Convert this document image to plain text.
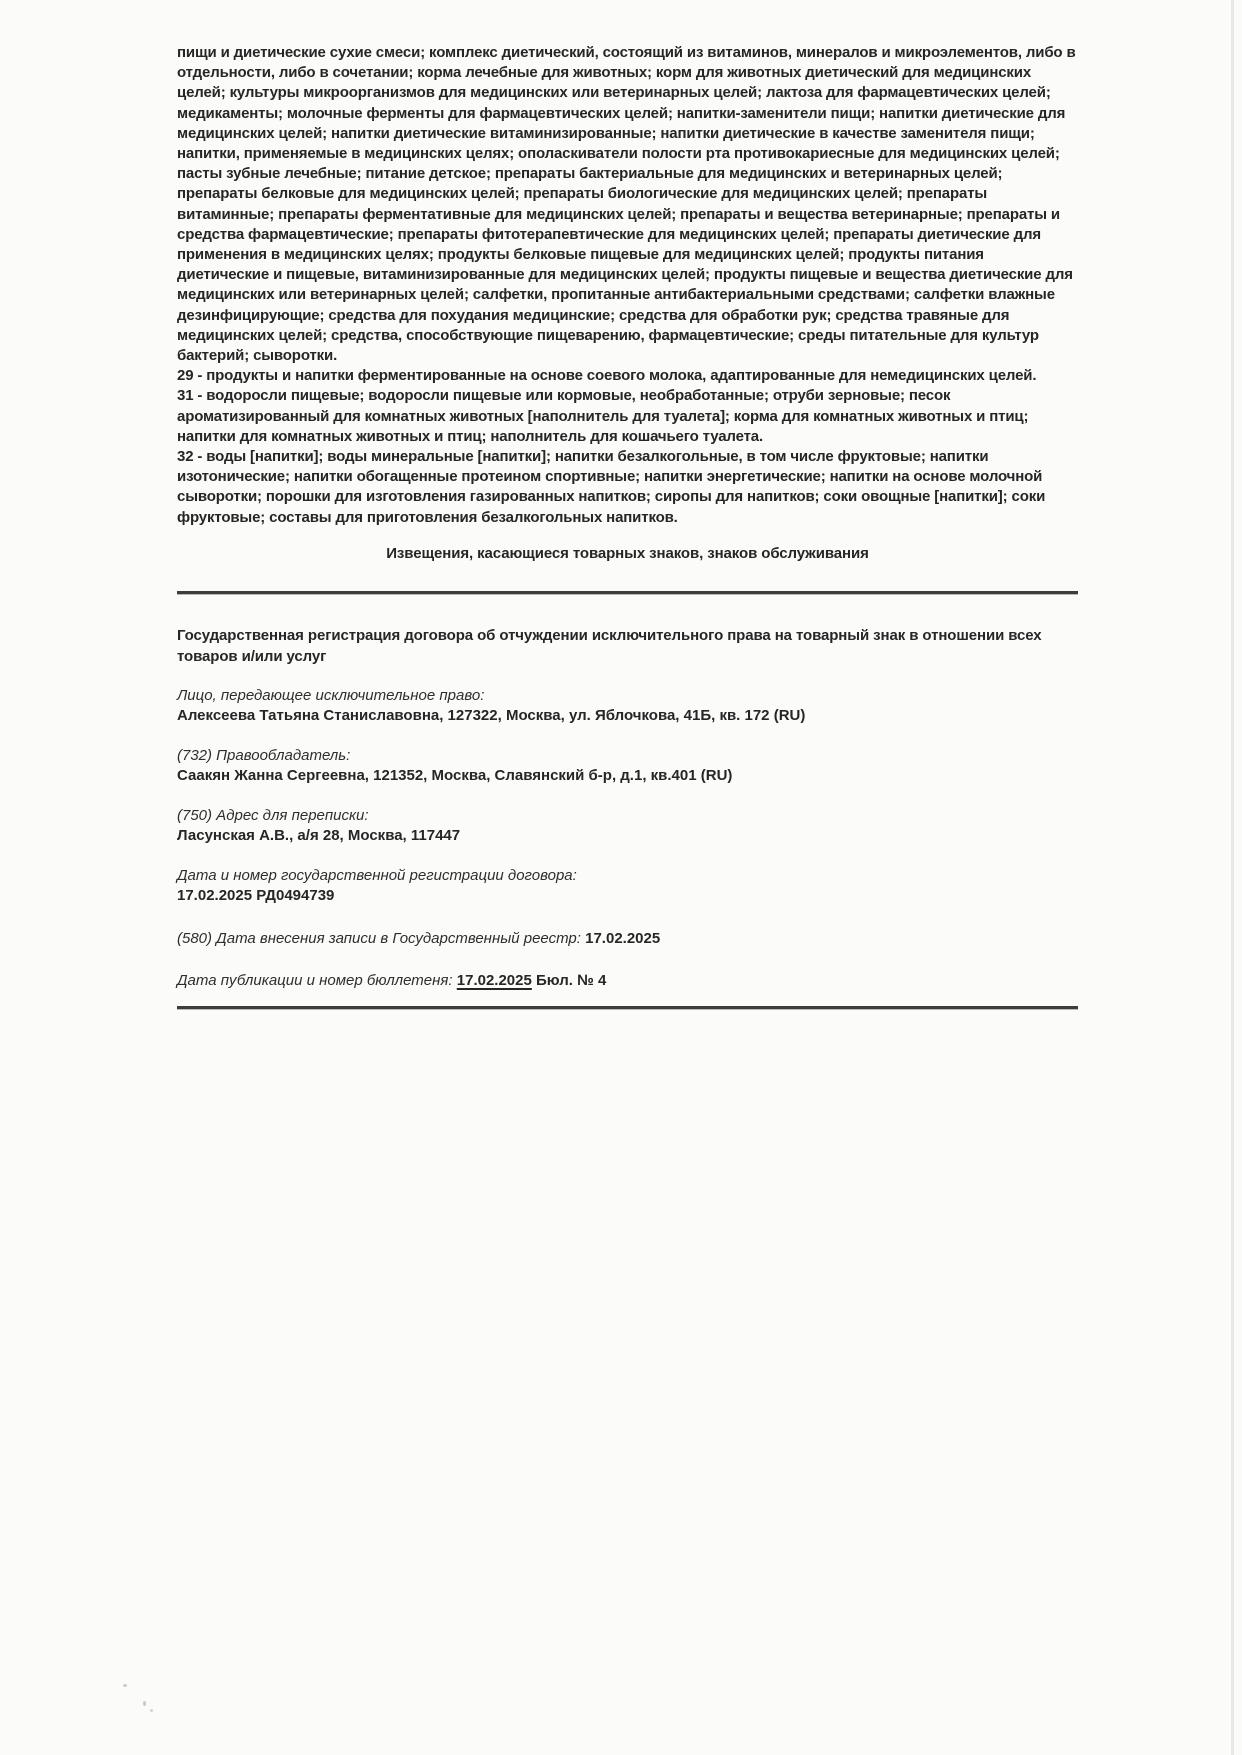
пищи и диетические сухие смеси; комплекс диетический, состоящий из витаминов, минералов и микроэлементов, либо в отдельности, либо в сочетании; корма лечебные для животных; корм для животных диетический для медицинских целей; культуры микроорганизмов для медицинских или ветеринарных целей; лактоза для фармацевтических целей; медикаменты; молочные ферменты для фармацевтических целей; напитки-заменители пищи; напитки диетические для медицинских целей; напитки диетические витаминизированные; напитки диетические в качестве заменителя пищи; напитки, применяемые в медицинских целях; ополаскиватели полости рта противокариесные для медицинских целей; пасты зубные лечебные; питание детское; препараты бактериальные для медицинских и ветеринарных целей; препараты белковые для медицинских целей; препараты биологические для медицинских целей; препараты витаминные; препараты ферментативные для медицинских целей; препараты и вещества ветеринарные; препараты и средства фармацевтические; препараты фитотерапевтические для медицинских целей; препараты диетические для применения в медицинских целях; продукты белковые пищевые для медицинских целей; продукты питания диетические и пищевые, витаминизированные для медицинских целей; продукты пищевые и вещества диетические для медицинских или ветеринарных целей; салфетки, пропитанные антибактериальными средствами; салфетки влажные дезинфицирующие; средства для похудания медицинские; средства для обработки рук; средства травяные для медицинских целей; средства, способствующие пищеварению, фармацевтические; среды питательные для культур бактерий; сыворотки.

29 - продукты и напитки ферментированные на основе соевого молока, адаптированные для немедицинских целей.

31 - водоросли пищевые; водоросли пищевые или кормовые, необработанные; отруби зерновые; песок ароматизированный для комнатных животных [наполнитель для туалета]; корма для комнатных животных и птиц; напитки для комнатных животных и птиц; наполнитель для кошачьего туалета.

32 - воды [напитки]; воды минеральные [напитки]; напитки безалкогольные, в том числе фруктовые; напитки изотонические; напитки обогащенные протеином спортивные; напитки энергетические; напитки на основе молочной сыворотки; порошки для изготовления газированных напитков; сиропы для напитков; соки овощные [напитки]; соки фруктовые; составы для приготовления безалкогольных напитков.

Извещения, касающиеся товарных знаков, знаков обслуживания

Государственная регистрация договора об отчуждении исключительного права на товарный знак в отношении всех товаров и/или услуг

Лицо, передающее исключительное право:
Алексеева Татьяна Станиславовна, 127322, Москва, ул. Яблочкова, 41Б, кв. 172 (RU)
(732) Правообладатель:
Саакян Жанна Сергеевна, 121352, Москва, Славянский б-р, д.1, кв.401 (RU)
(750) Адрес для переписки:
Ласунская А.В., а/я 28, Москва, 117447
Дата и номер государственной регистрации договора:
17.02.2025 РД0494739
(580) Дата внесения записи в Государственный реестр: 17.02.2025
Дата публикации и номер бюллетеня: 17.02.2025 Бюл. № 4
